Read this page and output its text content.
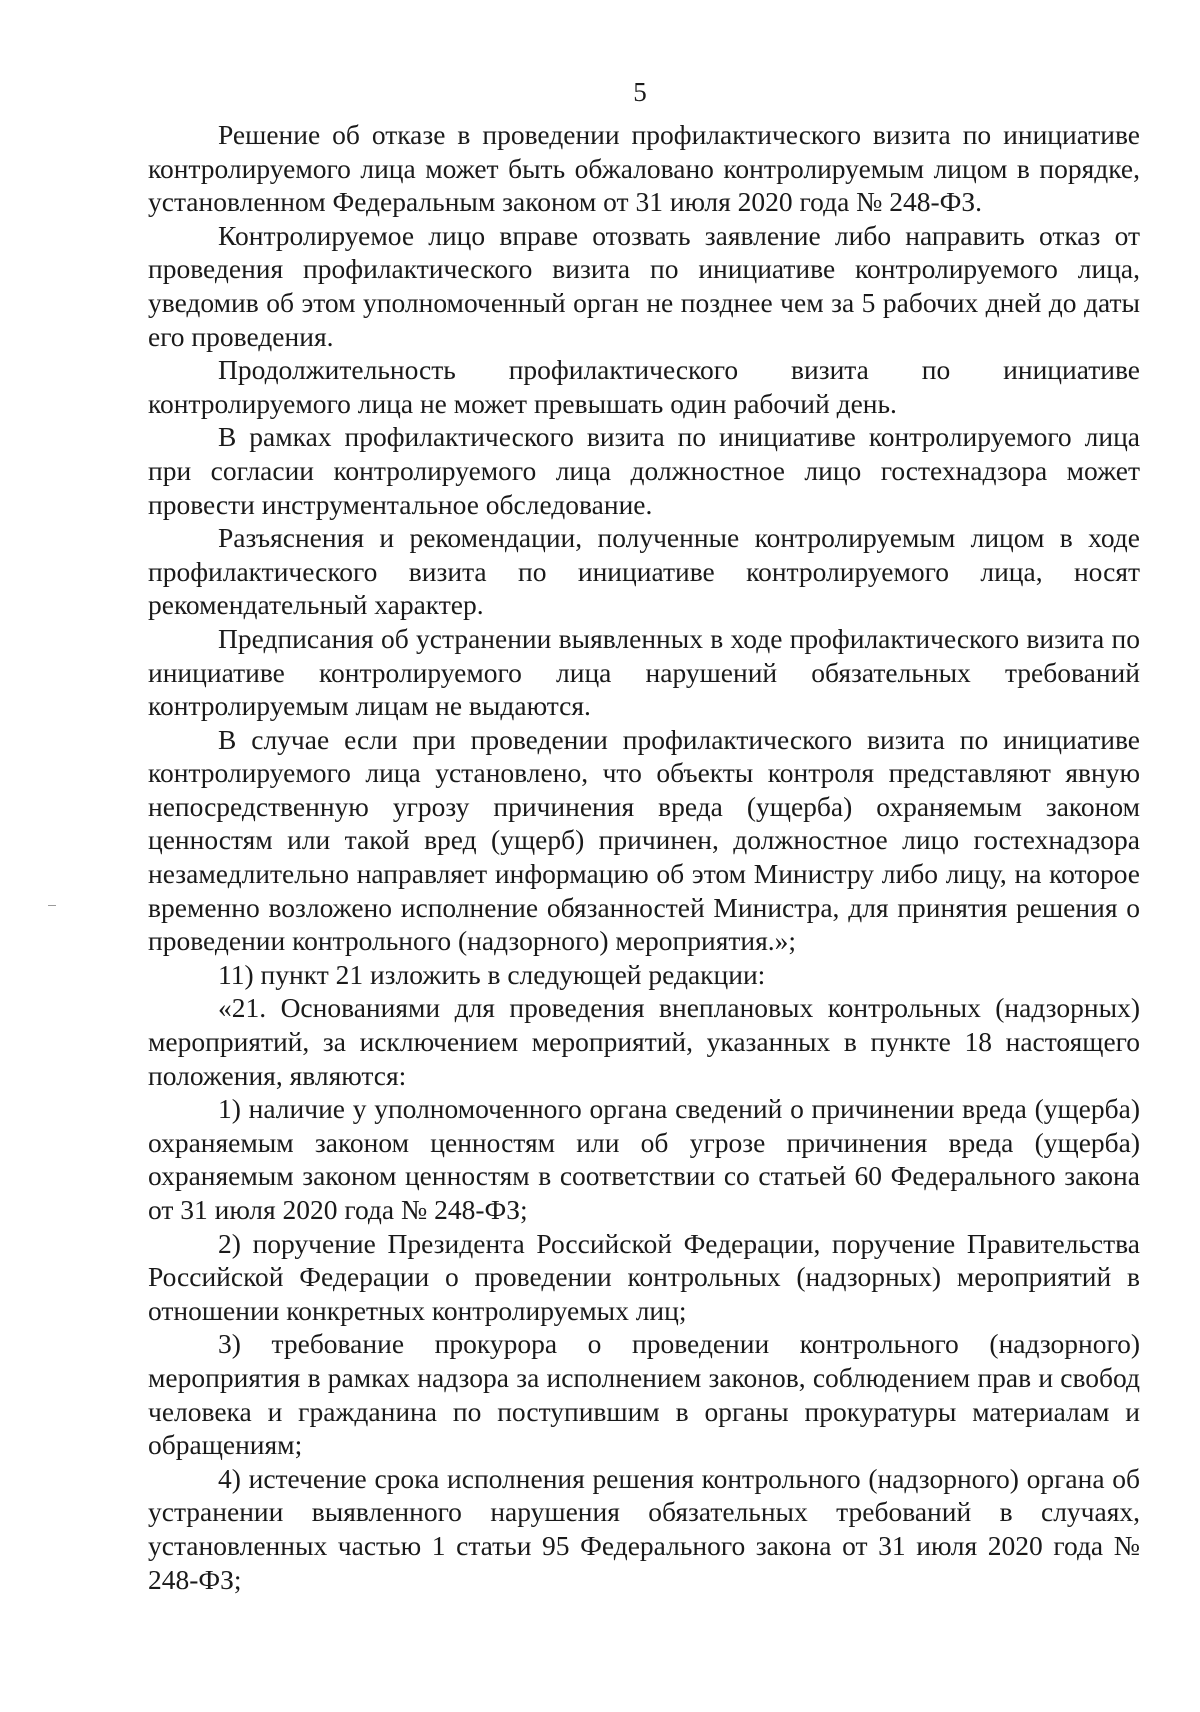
5

Решение об отказе в проведении профилактического визита по инициативе контролируемого лица может быть обжаловано контролируемым лицом в порядке, установленном Федеральным законом от 31 июля 2020 года № 248-ФЗ.

Контролируемое лицо вправе отозвать заявление либо направить отказ от проведения профилактического визита по инициативе контролируемого лица, уведомив об этом уполномоченный орган не позднее чем за 5 рабочих дней до даты его проведения.

Продолжительность профилактического визита по инициативе контролируемого лица не может превышать один рабочий день.

В рамках профилактического визита по инициативе контролируемого лица при согласии контролируемого лица должностное лицо гостехнадзора может провести инструментальное обследование.

Разъяснения и рекомендации, полученные контролируемым лицом в ходе профилактического визита по инициативе контролируемого лица, носят рекомендательный характер.

Предписания об устранении выявленных в ходе профилактического визита по инициативе контролируемого лица нарушений обязательных требований контролируемым лицам не выдаются.

В случае если при проведении профилактического визита по инициативе контролируемого лица установлено, что объекты контроля представляют явную непосредственную угрозу причинения вреда (ущерба) охраняемым законом ценностям или такой вред (ущерб) причинен, должностное лицо гостехнадзора незамедлительно направляет информацию об этом Министру либо лицу, на которое временно возложено исполнение обязанностей Министра, для принятия решения о проведении контрольного (надзорного) мероприятия.»;

11) пункт 21 изложить в следующей редакции:

«21. Основаниями для проведения внеплановых контрольных (надзорных) мероприятий, за исключением мероприятий, указанных в пункте 18 настоящего положения, являются:

1) наличие у уполномоченного органа сведений о причинении вреда (ущерба) охраняемым законом ценностям или об угрозе причинения вреда (ущерба) охраняемым законом ценностям в соответствии со статьей 60 Федерального закона от 31 июля 2020 года № 248-ФЗ;

2) поручение Президента Российской Федерации, поручение Правительства Российской Федерации о проведении контрольных (надзорных) мероприятий в отношении конкретных контролируемых лиц;

3) требование прокурора о проведении контрольного (надзорного) мероприятия в рамках надзора за исполнением законов, соблюдением прав и свобод человека и гражданина по поступившим в органы прокуратуры материалам и обращениям;

4) истечение срока исполнения решения контрольного (надзорного) органа об устранении выявленного нарушения обязательных требований в случаях, установленных частью 1 статьи 95 Федерального закона от 31 июля 2020 года № 248-ФЗ;
